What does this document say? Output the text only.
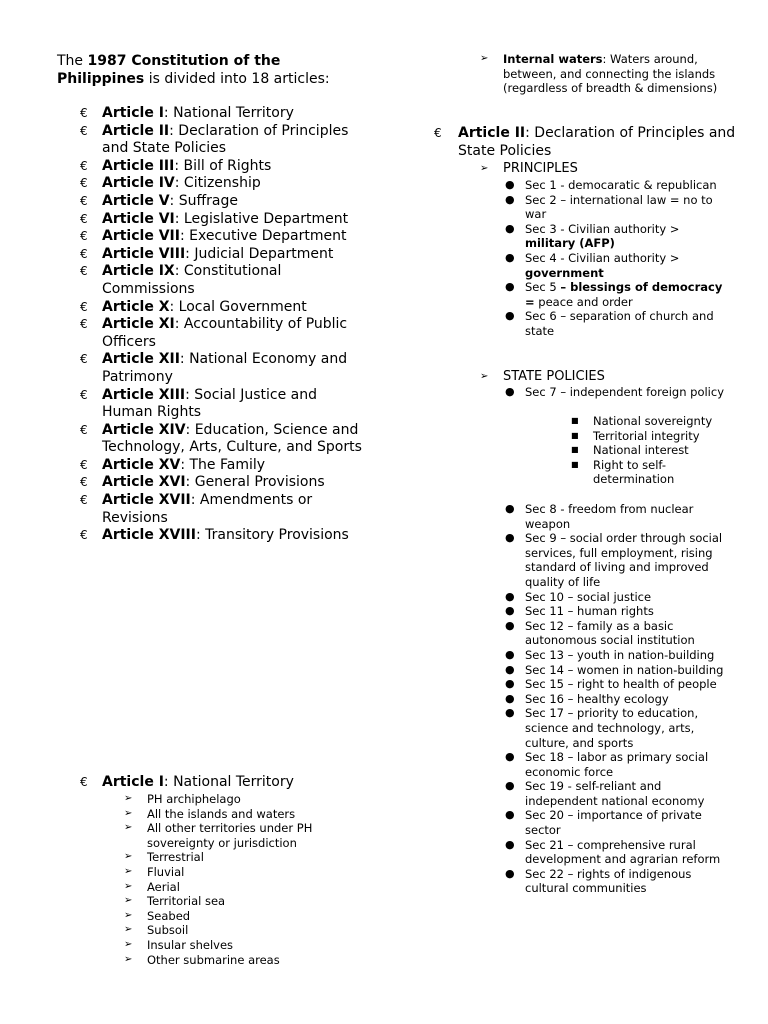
The 1987 Constitution of the Philippines is divided into 18 articles:

€ Article I: National Territory
€ Article II: Declaration of Principles and State Policies
€ Article III: Bill of Rights
€ Article IV: Citizenship
€ Article V: Suffrage
€ Article VI: Legislative Department
€ Article VII: Executive Department
€ Article VIII: Judicial Department
€ Article IX: Constitutional Commissions
€ Article X: Local Government
€ Article XI: Accountability of Public Officers
€ Article XII: National Economy and Patrimony
€ Article XIII: Social Justice and Human Rights
€ Article XIV: Education, Science and Technology, Arts, Culture, and Sports
€ Article XV: The Family
€ Article XVI: General Provisions
€ Article XVII: Amendments or Revisions
€ Article XVIII: Transitory Provisions
€ Article I: National Territory
➢ PH archiphelago
➢ All the islands and waters
➢ All other territories under PH sovereignty or jurisdiction
➢ Terrestrial
➢ Fluvial
➢ Aerial
➢ Territorial sea
➢ Seabed
➢ Subsoil
➢ Insular shelves
➢ Other submarine areas
➢ Internal waters: Waters around, between, and connecting the islands (regardless of breadth & dimensions)
€ Article II: Declaration of Principles and State Policies
➢ PRINCIPLES
● Sec 1 - democaratic & republican
● Sec 2 – international law = no to war
● Sec 3 - Civilian authority > military (AFP)
● Sec 4 - Civilian authority > government
● Sec 5 – blessings of democracy = peace and order
● Sec 6 – separation of church and state
➢ STATE POLICIES
● Sec 7 – independent foreign policy
■ National sovereignty
■ Territorial integrity
■ National interest
■ Right to self-determination
● Sec 8 - freedom from nuclear weapon
● Sec 9 – social order through social services, full employment, rising standard of living and improved quality of life
● Sec 10 – social justice
● Sec 11 – human rights
● Sec 12 – family as a basic autonomous social institution
● Sec 13 – youth in nation-building
● Sec 14 – women in nation-building
● Sec 15 – right to health of people
● Sec 16 – healthy ecology
● Sec 17 – priority to education, science and technology, arts, culture, and sports
● Sec 18 – labor as primary social economic force
● Sec 19 - self-reliant and independent national economy
● Sec 20 – importance of private sector
● Sec 21 – comprehensive rural development and agrarian reform
● Sec 22 – rights of indigenous cultural communities
